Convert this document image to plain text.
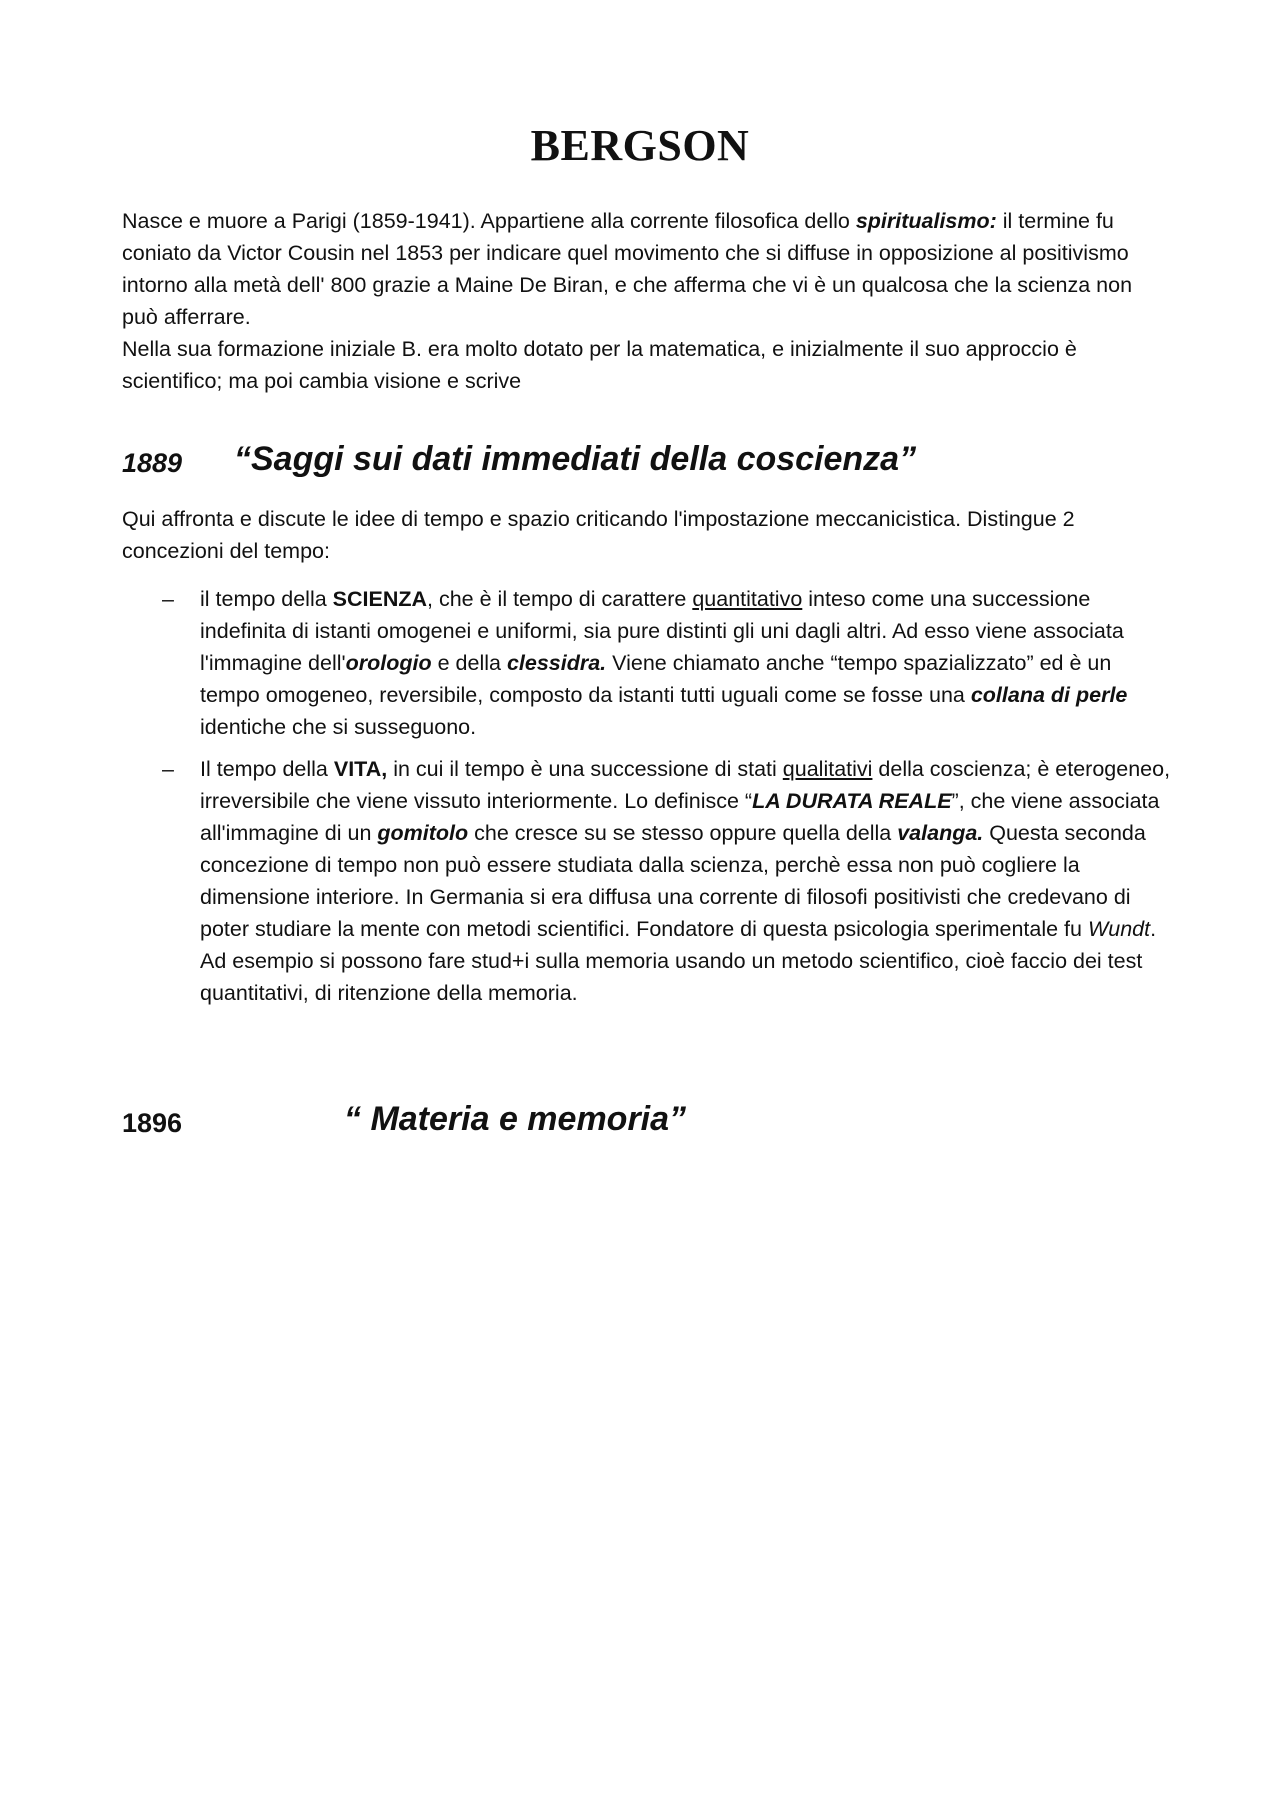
BERGSON

Nasce e muore a Parigi (1859-1941). Appartiene alla corrente filosofica dello spiritualismo: il termine fu coniato da Victor Cousin nel 1853 per indicare quel movimento che si diffuse in opposizione al positivismo intorno alla metà dell' 800 grazie a Maine De Biran, e che afferma che vi è un qualcosa che la scienza non può afferrare.

Nella sua formazione iniziale B. era molto dotato per la matematica, e inizialmente il suo approccio è scientifico; ma poi cambia visione e scrive

1889 “Saggi sui dati immediati della coscienza”

Qui affronta e discute le idee di tempo e spazio criticando l'impostazione meccanicistica. Distingue 2 concezioni del tempo:

– il tempo della SCIENZA, che è il tempo di carattere quantitativo inteso come una successione indefinita di istanti omogenei e uniformi, sia pure distinti gli uni dagli altri. Ad esso viene associata l'immagine dell'orologio e della clessidra. Viene chiamato anche “tempo spazializzato” ed è un tempo omogeneo, reversibile, composto da istanti tutti uguali come se fosse una collana di perle identiche che si susseguono.

– Il tempo della VITA, in cui il tempo è una successione di stati qualitativi della coscienza; è eterogeneo, irreversibile che viene vissuto interiormente. Lo definisce “LA DURATA REALE”, che viene associata all'immagine di un gomitolo che cresce su se stesso oppure quella della valanga. Questa seconda concezione di tempo non può essere studiata dalla scienza, perchè essa non può cogliere la dimensione interiore. In Germania si era diffusa una corrente di filosofi positivisti che credevano di poter studiare la mente con metodi scientifici. Fondatore di questa psicologia sperimentale fu Wundt. Ad esempio si possono fare stud+i sulla memoria usando un metodo scientifico, cioè faccio dei test quantitativi, di ritenzione della memoria.

1896	“ Materia e memoria”
